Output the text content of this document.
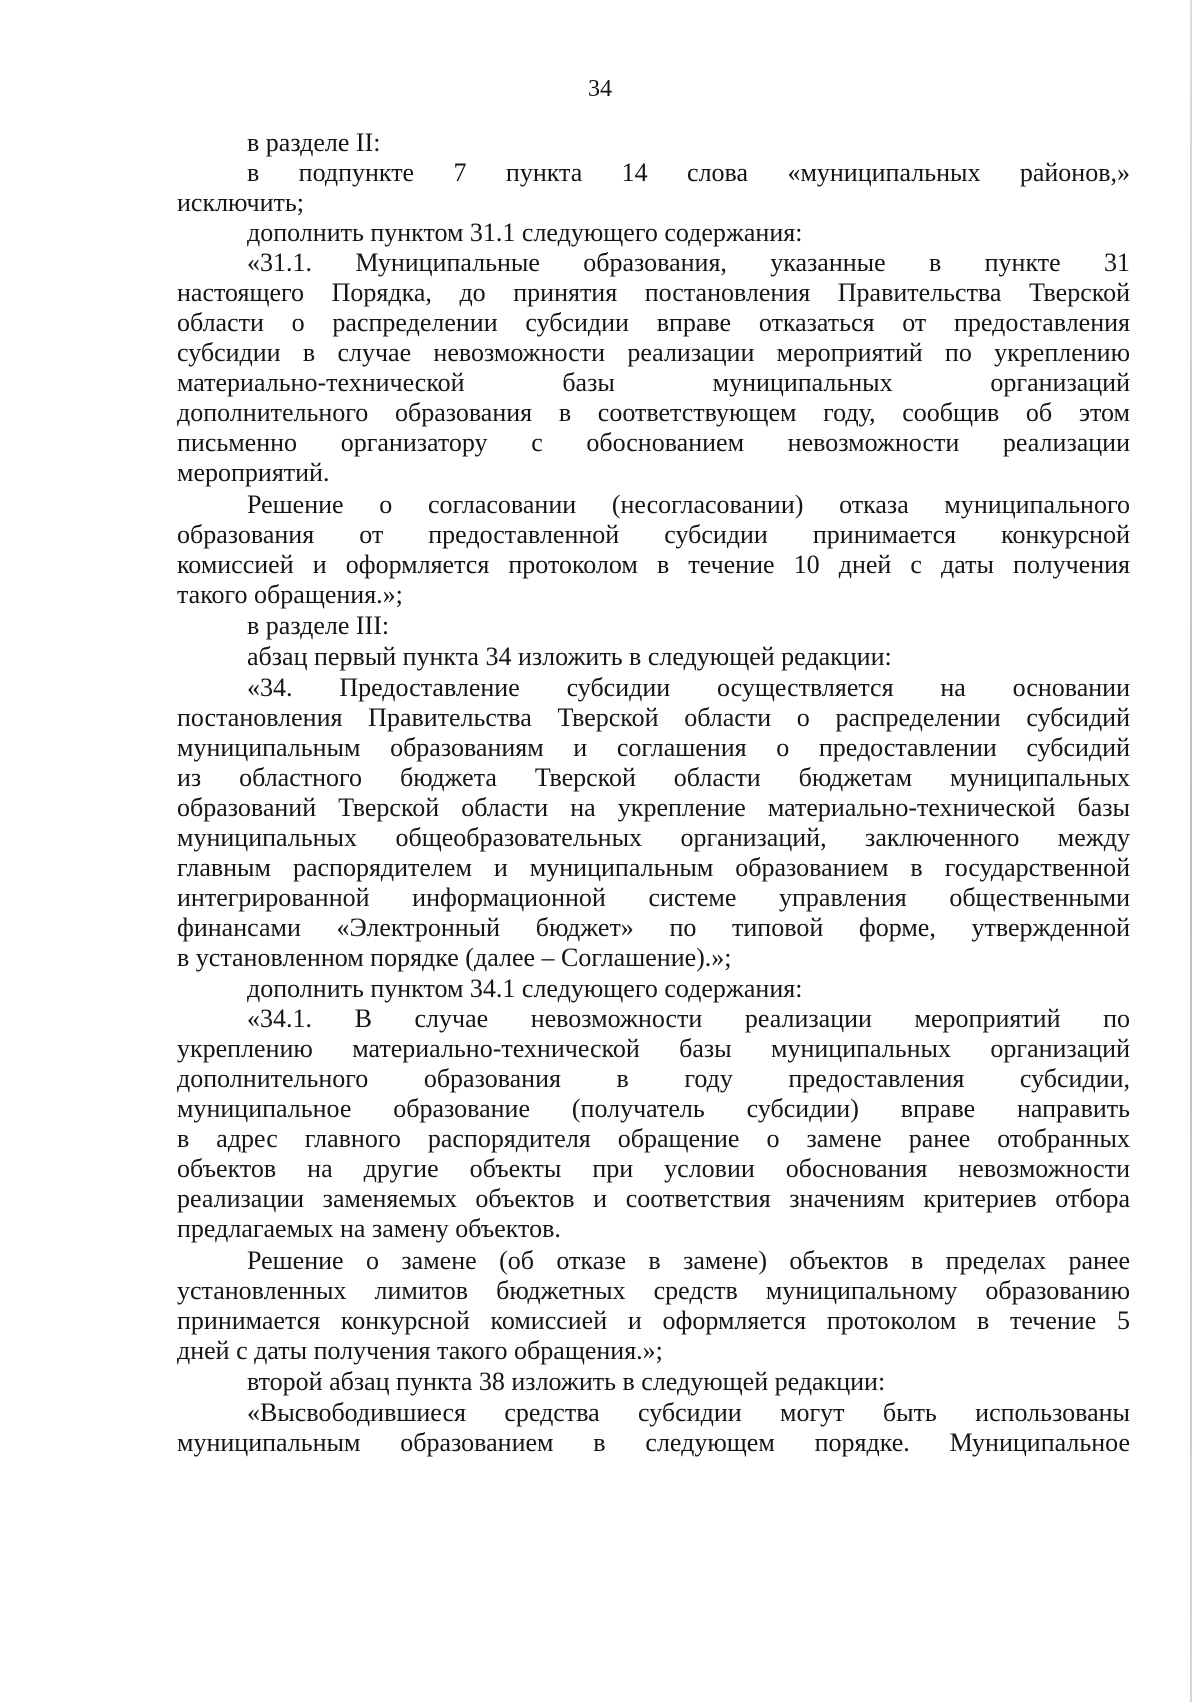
34
в разделе II:
в подпункте 7 пункта 14 слова «муниципальных районов,»
исключить;
дополнить пунктом 31.1 следующего содержания:
«31.1. Муниципальные образования, указанные в пункте 31
настоящего Порядка, до принятия постановления Правительства Тверской
области о распределении субсидии вправе отказаться от предоставления
субсидии в случае невозможности реализации мероприятий по укреплению
материально-технической базы муниципальных организаций
дополнительного образования в соответствующем году, сообщив об этом
письменно организатору с обоснованием невозможности реализации
мероприятий.
Решение о согласовании (несогласовании) отказа муниципального
образования от предоставленной субсидии принимается конкурсной
комиссией и оформляется протоколом в течение 10 дней с даты получения
такого обращения.»;
в разделе III:
абзац первый пункта 34 изложить в следующей редакции:
«34. Предоставление субсидии осуществляется на основании
постановления Правительства Тверской области о распределении субсидий
муниципальным образованиям и соглашения о предоставлении субсидий
из областного бюджета Тверской области бюджетам муниципальных
образований Тверской области на укрепление материально-технической базы
муниципальных общеобразовательных организаций, заключенного между
главным распорядителем и муниципальным образованием в государственной
интегрированной информационной системе управления общественными
финансами «Электронный бюджет» по типовой форме, утвержденной
в установленном порядке (далее – Соглашение).»;
дополнить пунктом 34.1 следующего содержания:
«34.1. В случае невозможности реализации мероприятий по
укреплению материально-технической базы муниципальных организаций
дополнительного образования в году предоставления субсидии,
муниципальное образование (получатель субсидии) вправе направить
в адрес главного распорядителя обращение о замене ранее отобранных
объектов на другие объекты при условии обоснования невозможности
реализации заменяемых объектов и соответствия значениям критериев отбора
предлагаемых на замену объектов.
Решение о замене (об отказе в замене) объектов в пределах ранее
установленных лимитов бюджетных средств муниципальному образованию
принимается конкурсной комиссией и оформляется протоколом в течение 5
дней с даты получения такого обращения.»;
второй абзац пункта 38 изложить в следующей редакции:
«Высвободившиеся средства субсидии могут быть использованы
муниципальным образованием в следующем порядке. Муниципальное
